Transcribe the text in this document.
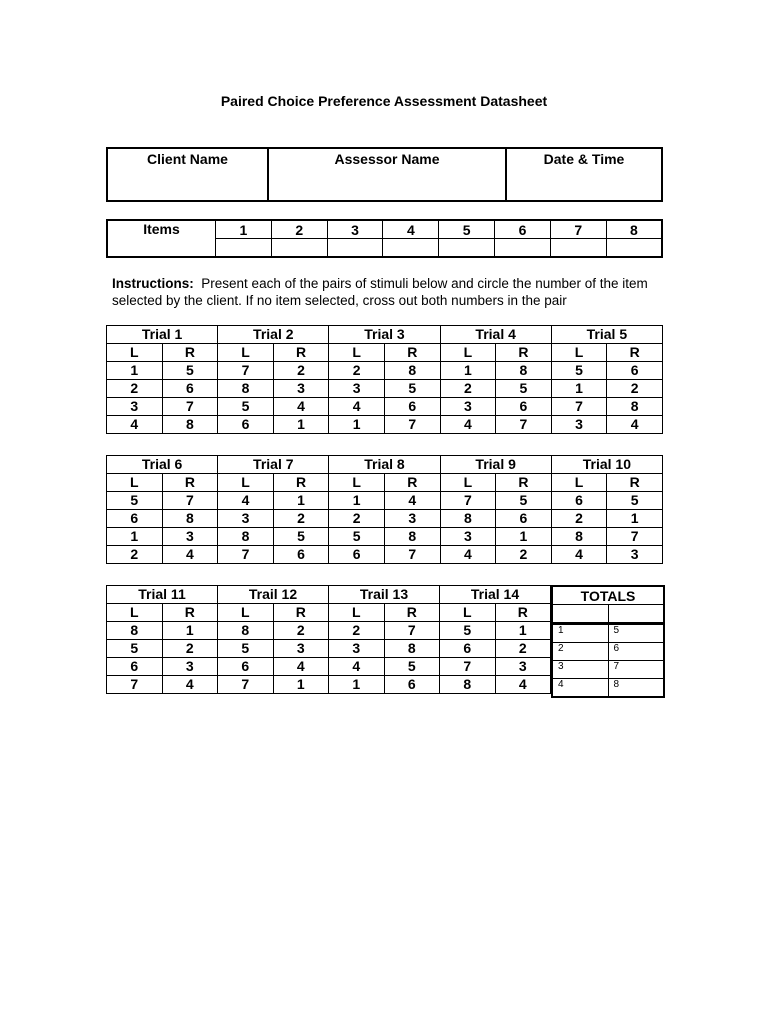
Paired Choice Preference Assessment Datasheet
Client Name	Assessor Name	Date & Time
Items	1	2	3	4	5	6	7	8

Instructions: Present each of the pairs of stimuli below and circle the number of the item selected by the client. If no item selected, cross out both numbers in the pair
Trial 1		Trial 2		Trial 3		Trial 4		Trial 5	
L	R	L	R	L	R	L	R	L	R
1	5	7	2	2	8	1	8	5	6
2	6	8	3	3	5	2	5	1	2
3	7	5	4	4	6	3	6	7	8
4	8	6	1	1	7	4	7	3	4
Trial 6		Trial 7		Trial 8		Trial 9		Trial 10	
L	R	L	R	L	R	L	R	L	R
5	7	4	1	1	4	7	5	6	5
6	8	3	2	2	3	8	6	2	1
1	3	8	5	5	8	3	1	8	7
2	4	7	6	6	7	4	2	4	3
Trial 11		Trail 12		Trail 13		Trial 14	
L	R	L	R	L	R	L	R
8	1	8	2	2	7	5	1
5	2	5	3	3	8	6	2
6	3	6	4	4	5	7	3
7	4	7	1	1	6	8	4
TOTALS	

1	5
2	6
3	7
4	8
